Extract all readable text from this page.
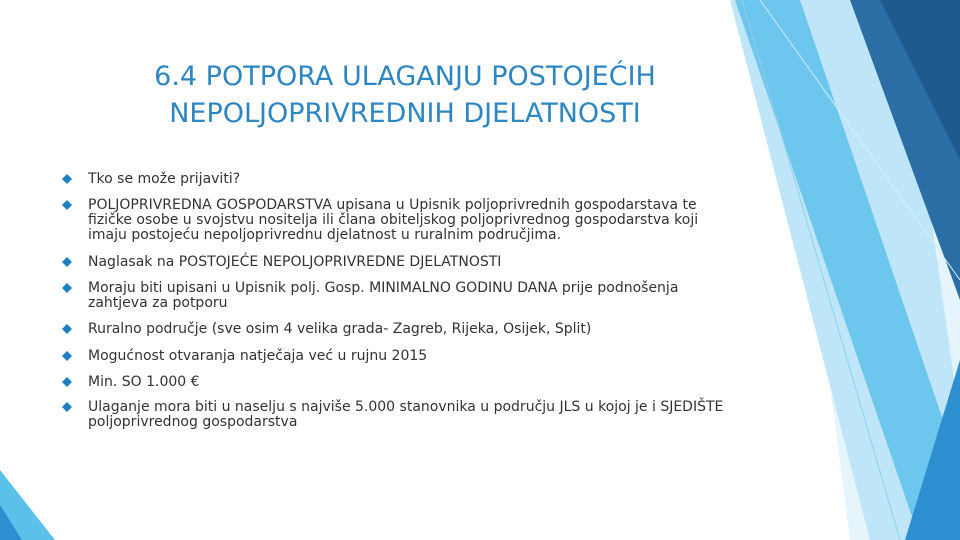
6.4 POTPORA ULAGANJU POSTOJEĆIH
NEPOLJOPRIVREDNIH DJELATNOSTI
Tko se može prijaviti?
POLJOPRIVREDNA GOSPODARSTVA upisana u Upisnik poljoprivrednih gospodarstava te fizičke osobe u svojstvu nositelja ili člana obiteljskog poljoprivrednog gospodarstva koji imaju postojeću nepoljoprivrednu djelatnost u ruralnim područjima.
Naglasak na POSTOJEĆE NEPOLJOPRIVREDNE DJELATNOSTI
Moraju biti upisani u Upisnik polj. Gosp. MINIMALNO GODINU DANA prije podnošenja zahtjeva za potporu
Ruralno područje (sve osim 4 velika grada- Zagreb, Rijeka, Osijek, Split)
Mogućnost otvaranja natječaja već u rujnu 2015
Min. SO 1.000 €
Ulaganje mora biti u naselju s najviše 5.000 stanovnika u području JLS u kojoj je i SJEDIŠTE poljoprivrednog gospodarstva
